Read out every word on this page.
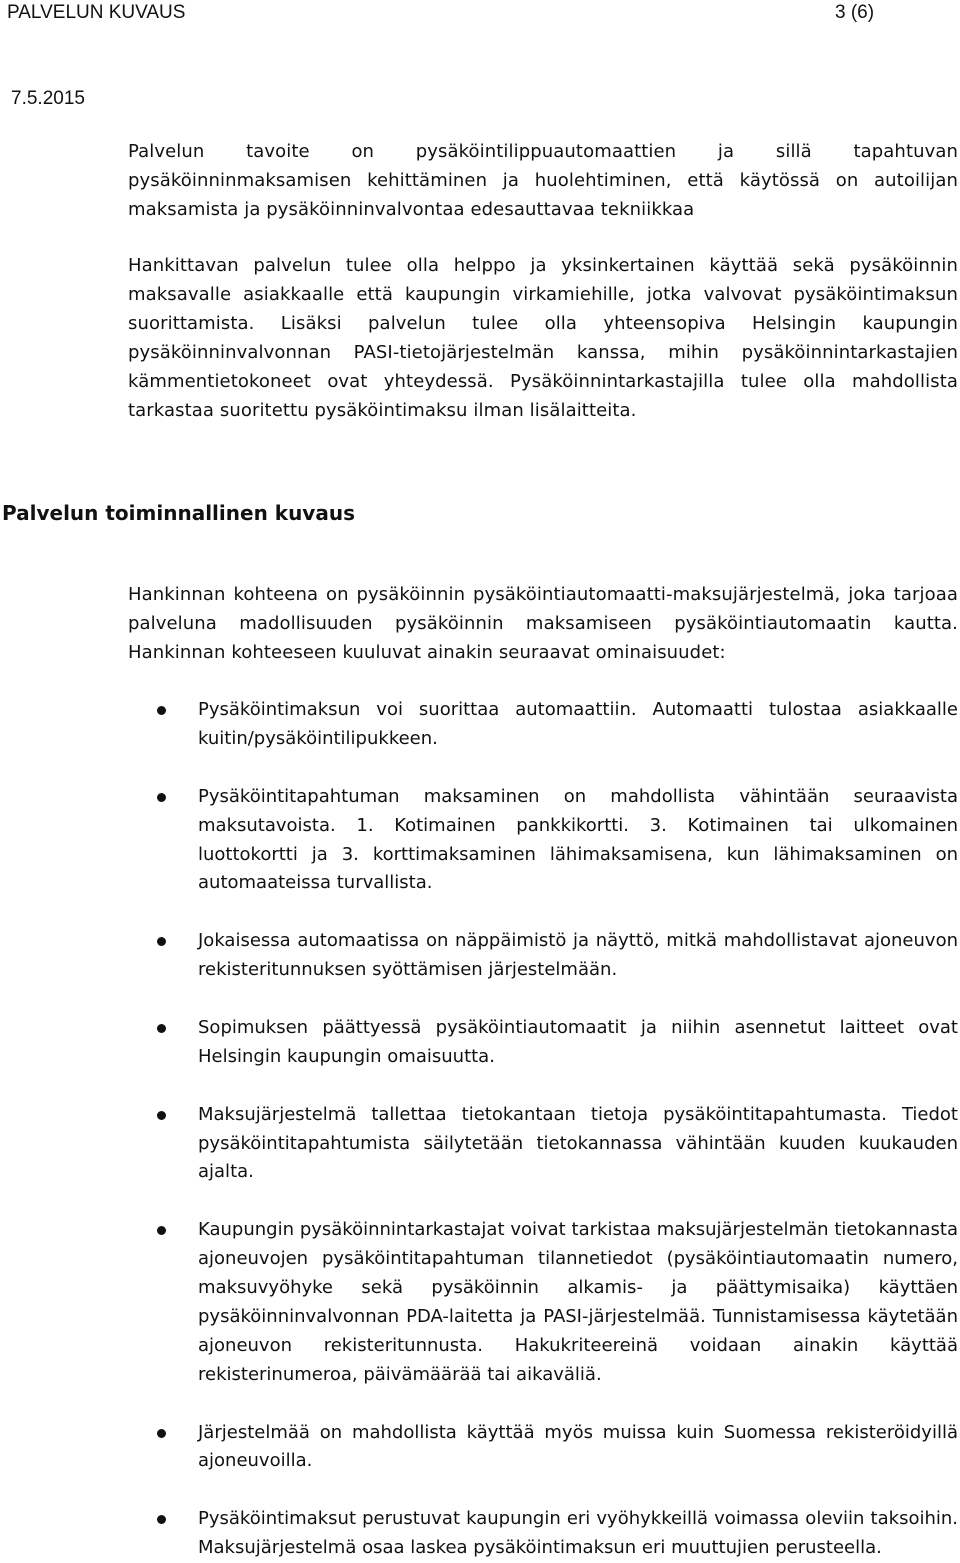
PALVELUN KUVAUS	3 (6)
7.5.2015

Palvelun tavoite on pysäköintilippuautomaattien ja sillä tapahtuvan pysäköinninmaksamisen kehittäminen ja huolehtiminen, että käytössä on autoilijan maksamista ja pysäköinninvalvontaa edesauttavaa tekniikkaa

Hankittavan palvelun tulee olla helppo ja yksinkertainen käyttää sekä pysäköinnin maksavalle asiakkaalle että kaupungin virkamiehille, jotka valvovat pysäköintimaksun suorittamista. Lisäksi palvelun tulee olla yhteensopiva Helsingin kaupungin pysäköinninvalvonnan PASI-tietojärjestelmän kanssa, mihin pysäköinnintarkastajien kämmentietokoneet ovat yhteydessä. Pysäköinnintarkastajilla tulee olla mahdollista tarkastaa suoritettu pysäköintimaksu ilman lisälaitteita.

Palvelun toiminnallinen kuvaus

Hankinnan kohteena on pysäköinnin pysäköintiautomaatti-maksujärjestelmä, joka tarjoaa palveluna madollisuuden pysäköinnin maksamiseen pysäköintiautomaatin kautta. Hankinnan kohteeseen kuuluvat ainakin seuraavat ominaisuudet:

Pysäköintimaksun voi suorittaa automaattiin. Automaatti tulostaa asiakkaalle kuitin/pysäköintilipukkeen.
Pysäköintitapahtuman maksaminen on mahdollista vähintään seuraavista maksutavoista. 1. Kotimainen pankkikortti. 3. Kotimainen tai ulkomainen luottokortti ja 3. korttimaksaminen lähimaksamisena, kun lähimaksaminen on automaateissa turvallista.
Jokaisessa automaatissa on näppäimistö ja näyttö, mitkä mahdollistavat ajoneuvon rekisteritunnuksen syöttämisen järjestelmään.
Sopimuksen päättyessä pysäköintiautomaatit ja niihin asennetut laitteet ovat Helsingin kaupungin omaisuutta.
Maksujärjestelmä tallettaa tietokantaan tietoja pysäköintitapahtumasta. Tiedot pysäköintitapahtumista säilytetään tietokannassa vähintään kuuden kuukauden ajalta.
Kaupungin pysäköinnintarkastajat voivat tarkistaa maksujärjestelmän tietokannasta ajoneuvojen pysäköintitapahtuman tilannetiedot (pysäköintiautomaatin numero, maksuvyöhyke sekä pysäköinnin alkamis- ja päättymisaika) käyttäen pysäköinninvalvonnan PDA-laitetta ja PASI-järjestelmää. Tunnistamisessa käytetään ajoneuvon rekisteritunnusta. Hakukriteereinä voidaan ainakin käyttää rekisterinumeroa, päivämäärää tai aikaväliä.
Järjestelmää on mahdollista käyttää myös muissa kuin Suomessa rekisteröidyillä ajoneuvoilla.
Pysäköintimaksut perustuvat kaupungin eri vyöhykkeillä voimassa oleviin taksoihin. Maksujärjestelmä osaa laskea pysäköintimaksun eri muuttujien perusteella.
